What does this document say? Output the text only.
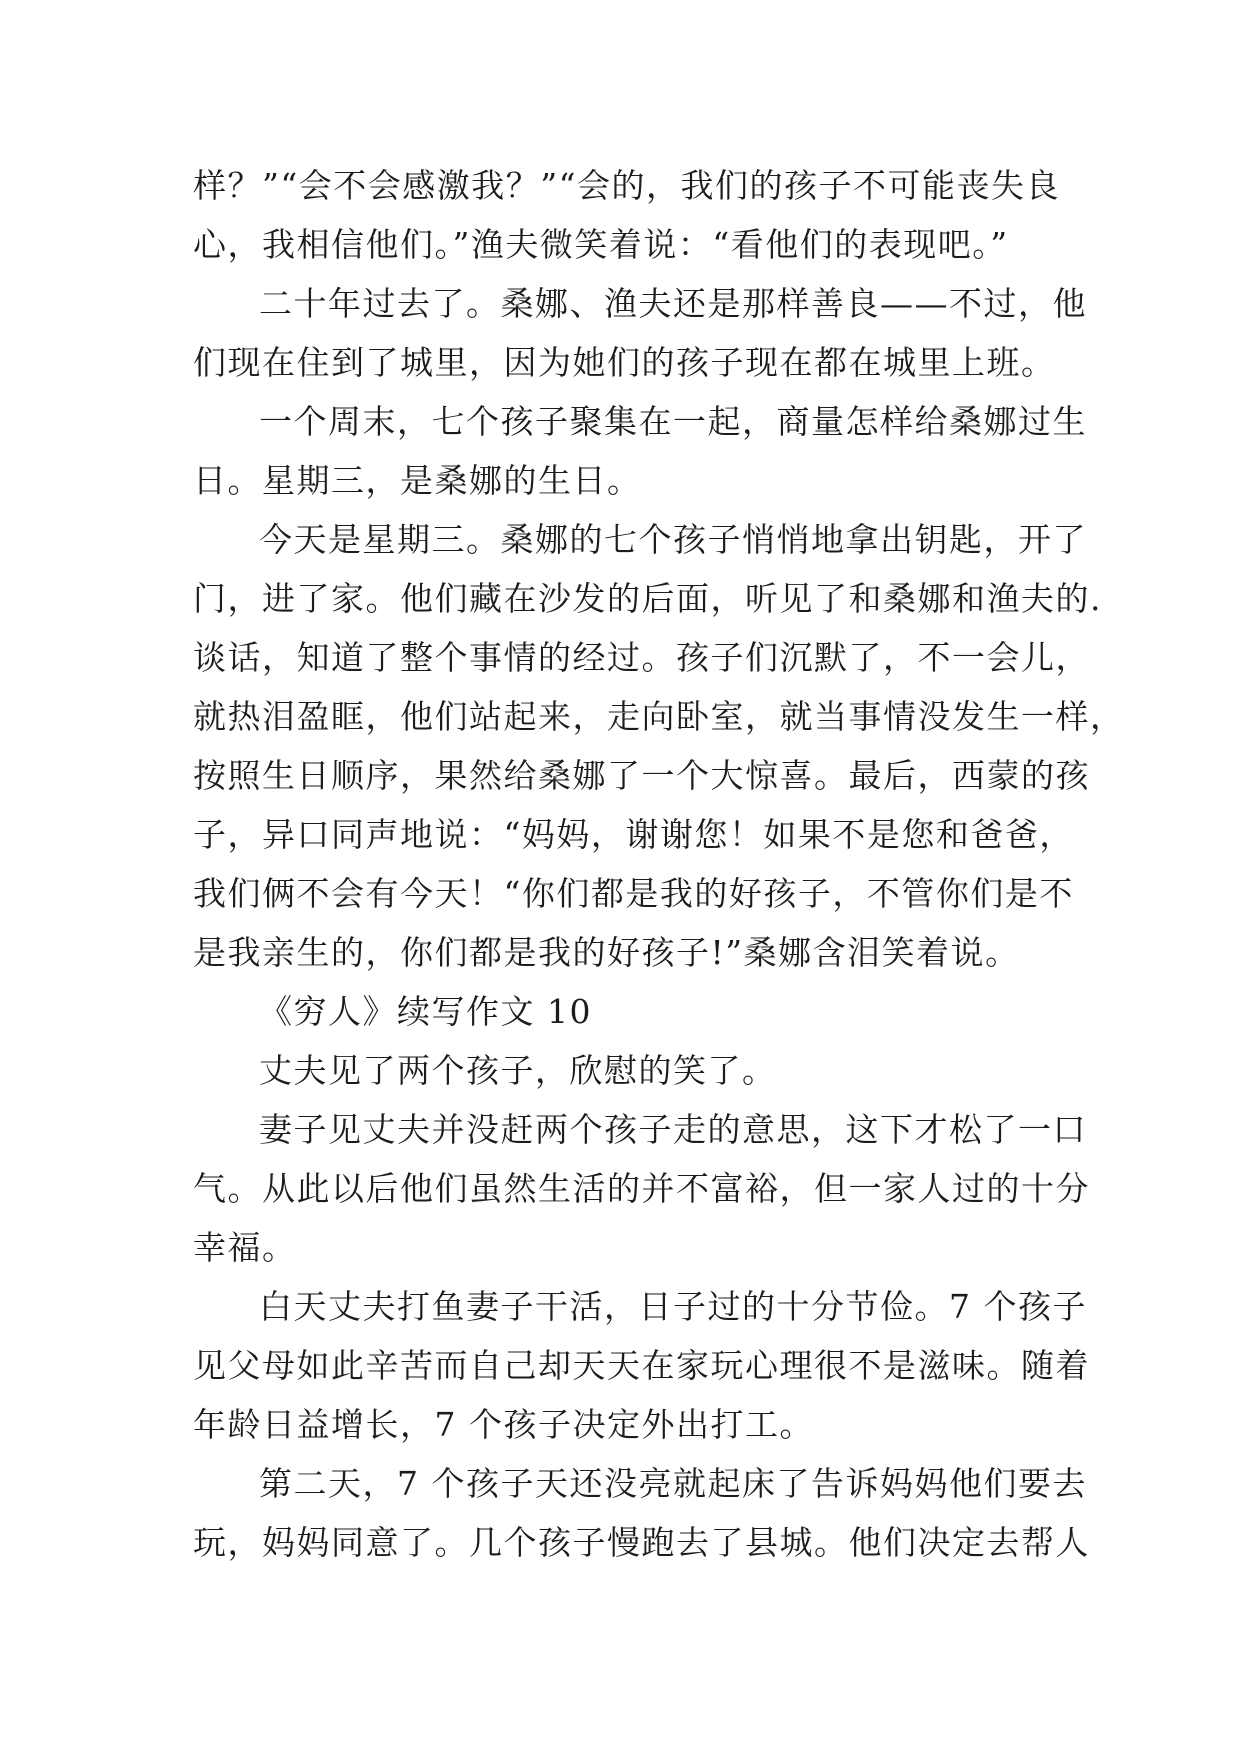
样？”“会不会感激我？”“会的，我们的孩子不可能丧失良
心，我相信他们。”渔夫微笑着说：“看他们的表现吧。”
二十年过去了。桑娜、渔夫还是那样善良——不过，他
们现在住到了城里，因为她们的孩子现在都在城里上班。
一个周末，七个孩子聚集在一起，商量怎样给桑娜过生
日。星期三，是桑娜的生日。
今天是星期三。桑娜的七个孩子悄悄地拿出钥匙，开了
门，进了家。他们藏在沙发的后面，听见了和桑娜和渔夫的.
谈话，知道了整个事情的经过。孩子们沉默了，不一会儿，
就热泪盈眶，他们站起来，走向卧室，就当事情没发生一样，
按照生日顺序，果然给桑娜了一个大惊喜。最后，西蒙的孩
子，异口同声地说：“妈妈，谢谢您！如果不是您和爸爸，
我们俩不会有今天！“你们都是我的好孩子，不管你们是不
是我亲生的，你们都是我的好孩子!”桑娜含泪笑着说。
《穷人》续写作文 10
丈夫见了两个孩子，欣慰的笑了。
妻子见丈夫并没赶两个孩子走的意思，这下才松了一口
气。从此以后他们虽然生活的并不富裕，但一家人过的十分
幸福。
白天丈夫打鱼妻子干活，日子过的十分节俭。7 个孩子
见父母如此辛苦而自己却天天在家玩心理很不是滋味。随着
年龄日益增长，7 个孩子决定外出打工。
第二天，7 个孩子天还没亮就起床了告诉妈妈他们要去
玩，妈妈同意了。几个孩子慢跑去了县城。他们决定去帮人
